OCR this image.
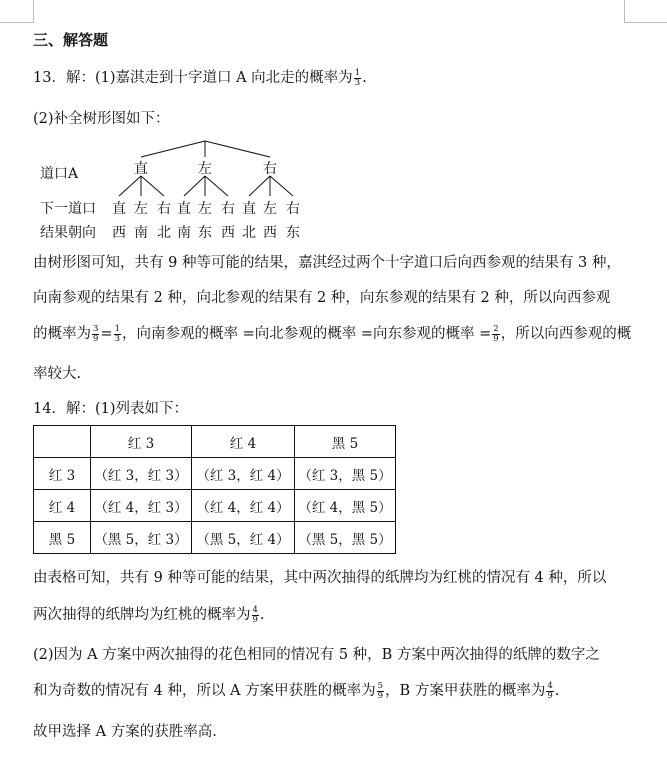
三、解答题
13．解：(1)嘉淇走到十字道口 A 向北走的概率为 $\frac{1}{3}$ .
(2)补全树形图如下：
道口A	直	左	右
下一道口 直 左 右 直 左 右 直 左 右
结果朝向 西 南 北 南 东 西 北 西 东
由树形图可知，共有 9 种等可能的结果，嘉淇经过两个十字道口后向西参观的结果有 3 种，
向南参观的结果有 2 种，向北参观的结果有 2 种，向东参观的结果有 2 种，所以向西参观
的概率为 $\frac{3}{9} = \frac{1}{3}$ ，向南参观的概率 =向北参观的概率 =向东参观的概率 = $\frac{2}{9}$ ，所以向西参观的概
率较大.
14．解：(1)列表如下：
	红 3	红 4	黑 5
红 3	（红 3，红 3）	（红 3，红 4）	（红 3，黑 5）
红 4	（红 4，红 3）	（红 4，红 4）	（红 4，黑 5）
黑 5	（黑 5，红 3）	（黑 5，红 4）	（黑 5，黑 5）
由表格可知，共有 9 种等可能的结果，其中两次抽得的纸牌均为红桃的情况有 4 种，所以
两次抽得的纸牌均为红桃的概率为 $\frac{4}{9}$ .
(2)因为 A 方案中两次抽得的花色相同的情况有 5 种，B 方案中两次抽得的纸牌的数字之
和为奇数的情况有 4 种，所以 A 方案甲获胜的概率为 $\frac{5}{9}$ ，B 方案甲获胜的概率为 $\frac{4}{9}$ .
故甲选择 A 方案的获胜率高.
